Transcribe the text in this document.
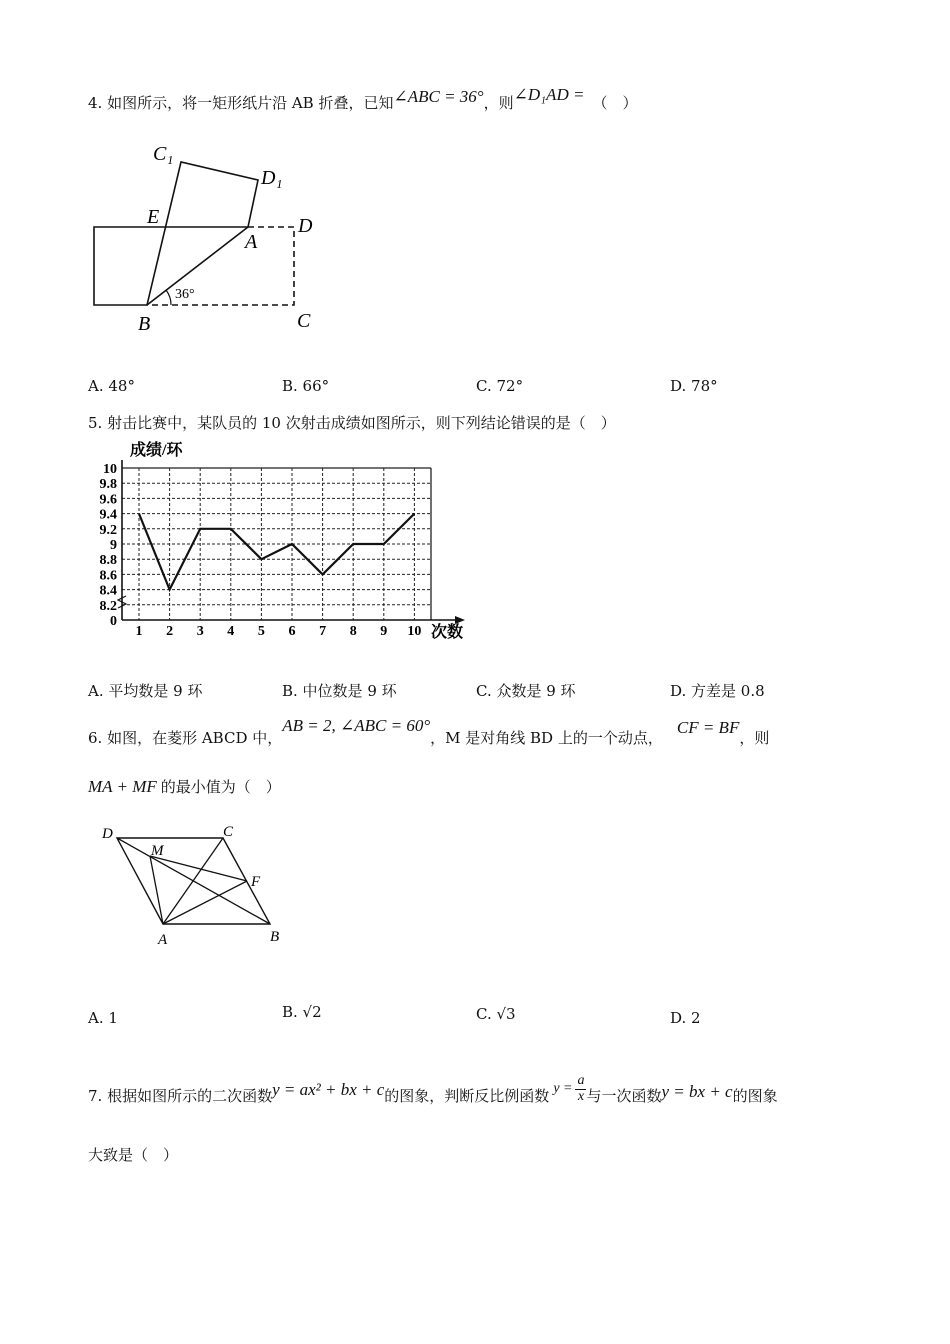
4. 如图所示，将一矩形纸片沿 AB 折叠，已知∠ABC = 36°，则∠D₁AD = （　）
C₁
D₁
E
A
D
B	C
36°
A. 48°	B. 66°	C. 72°	D. 78°
5. 射击比赛中，某队员的 10 次射击成绩如图所示，则下列结论错误的是（　）
8.2
8.4
8.6
8.8
9
9.2
9.4
9.6
9.8
10
0
1 2 3 4 5 6 7 8 9 10
成绩/环
次数
A. 平均数是 9 环	B. 中位数是 9 环	C. 众数是 9 环	D. 方差是 0.8
6. 如图，在菱形 ABCD 中，AB = 2, ∠ABC = 60°，M 是对角线 BD 上的一个动点，CF = BF，则
MA + MF 的最小值为（　）
D	C
M
F
A	B
A. 1	B. √2	C. √3	D. 2
7. 根据如图所示的二次函数y = ax² + bx + c的图象，判断反比例函数 $y = \frac{a}{x}$ 与一次函数y = bx + c的图象
大致是（　）
